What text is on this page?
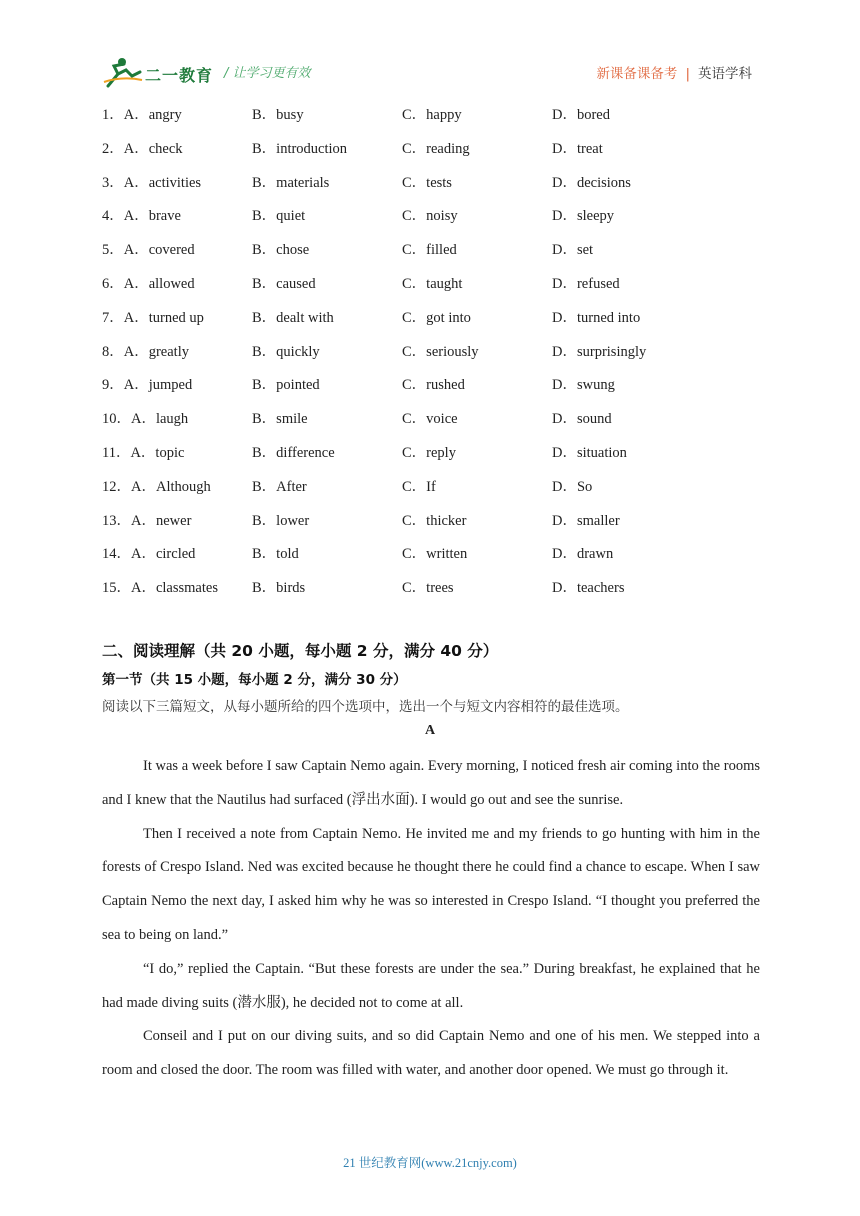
二一教育 / 让学习更有效	新课备课备考 | 英语学科
1．A．angry	B．busy	C．happy	D．bored
2．A．check	B．introduction	C．reading	D．treat
3．A．activities	B．materials	C．tests	D．decisions
4．A．brave	B．quiet	C．noisy	D．sleepy
5．A．covered	B．chose	C．filled	D．set
6．A．allowed	B．caused	C．taught	D．refused
7．A．turned up	B．dealt with	C．got into	D．turned into
8．A．greatly	B．quickly	C．seriously	D．surprisingly
9．A．jumped	B．pointed	C．rushed	D．swung
10．A．laugh	B．smile	C．voice	D．sound
11．A．topic	B．difference	C．reply	D．situation
12．A．Although	B．After	C．If	D．So
13．A．newer	B．lower	C．thicker	D．smaller
14．A．circled	B．told	C．written	D．drawn
15．A．classmates B．birds	C．trees	D．teachers
二、阅读理解（共 20 小题，每小题 2 分，满分 40 分）
第一节（共 15 小题，每小题 2 分，满分 30 分）
阅读以下三篇短文，从每小题所给的四个选项中，选出一个与短文内容相符的最佳选项。
A

It was a week before I saw Captain Nemo again. Every morning, I noticed fresh air coming into the rooms and I knew that the Nautilus had surfaced (浮出水面). I would go out and see the sunrise.

Then I received a note from Captain Nemo. He invited me and my friends to go hunting with him in the forests of Crespo Island. Ned was excited because he thought there he could find a chance to escape. When I saw Captain Nemo the next day, I asked him why he was so interested in Crespo Island. “I thought you preferred the sea to being on land.”

“I do,” replied the Captain. “But these forests are under the sea.” During breakfast, he explained that he had made diving suits (潜水服), he decided not to come at all.

Conseil and I put on our diving suits, and so did Captain Nemo and one of his men. We stepped into a room and closed the door. The room was filled with water, and another door opened. We must go through it.

21 世纪教育网(www.21cnjy.com)
